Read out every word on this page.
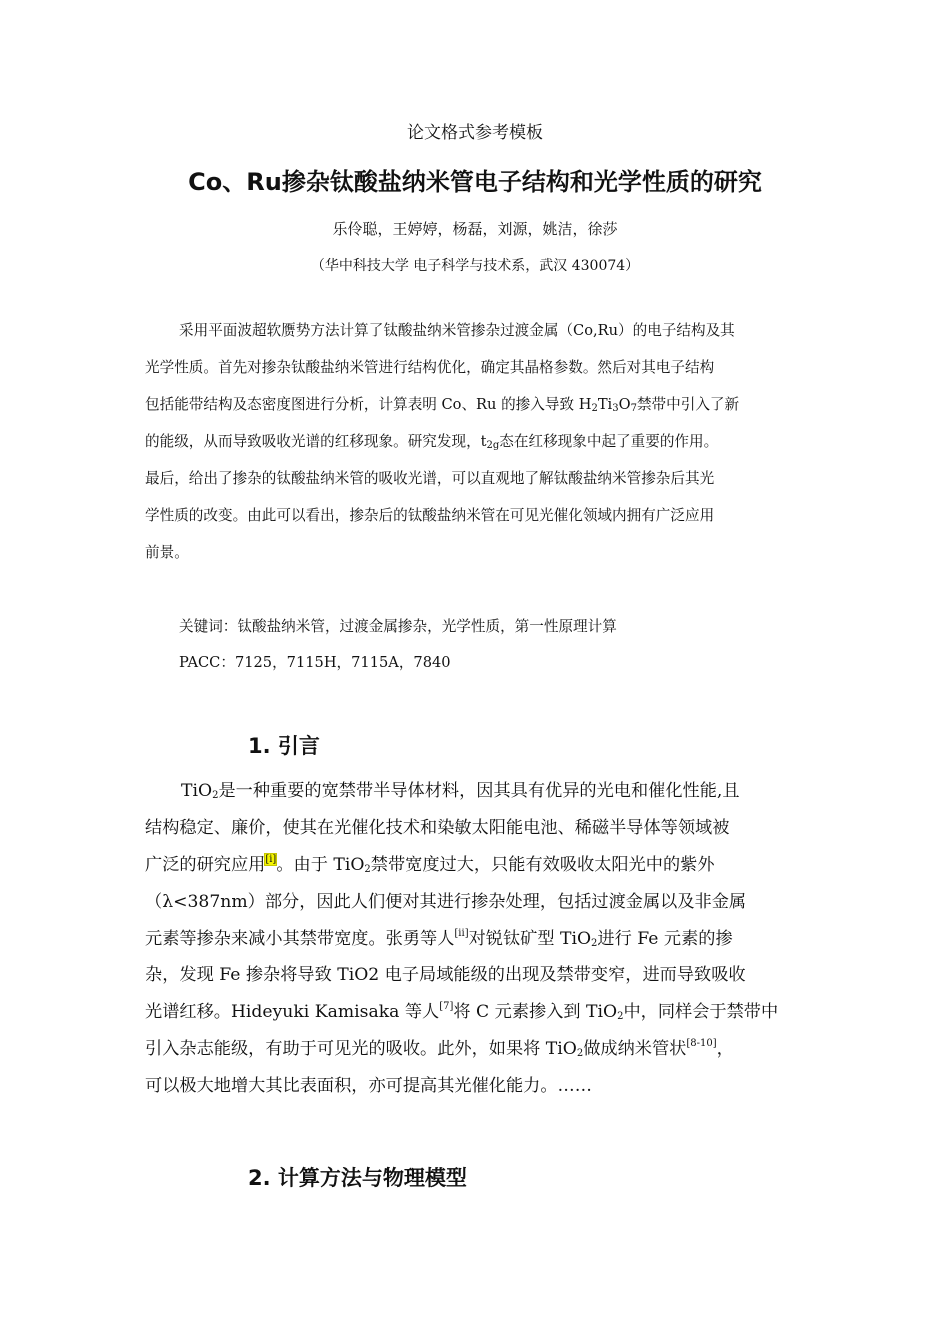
论文格式参考模板
Co、Ru掺杂钛酸盐纳米管电子结构和光学性质的研究
乐伶聪，王婷婷，杨磊，刘源，姚洁，徐莎
（华中科技大学 电子科学与技术系，武汉 430074）
采用平面波超软赝势方法计算了钛酸盐纳米管掺杂过渡金属（Co,Ru）的电子结构及其
光学性质。首先对掺杂钛酸盐纳米管进行结构优化，确定其晶格参数。然后对其电子结构
包括能带结构及态密度图进行分析，计算表明 Co、Ru 的掺入导致 $H_2Ti_3O_7$禁带中引入了新
的能级，从而导致吸收光谱的红移现象。研究发现，$t_{2g}$态在红移现象中起了重要的作用。
最后，给出了掺杂的钛酸盐纳米管的吸收光谱，可以直观地了解钛酸盐纳米管掺杂后其光
学性质的改变。由此可以看出，掺杂后的钛酸盐纳米管在可见光催化领域内拥有广泛应用
前景。
关键词：钛酸盐纳米管，过渡金属掺杂，光学性质，第一性原理计算
PACC：7125，7115H，7115A，7840
1. 引言
TiO$_2$是一种重要的宽禁带半导体材料，因其具有优异的光电和催化性能,且
结构稳定、廉价，使其在光催化技术和染敏太阳能电池、稀磁半导体等领域被
广泛的研究应用[i]。由于 TiO$_2$禁带宽度过大，只能有效吸收太阳光中的紫外
（λ<387nm）部分，因此人们便对其进行掺杂处理，包括过渡金属以及非金属
元素等掺杂来减小其禁带宽度。张勇等人[ii]对锐钛矿型 TiO$_2$进行 Fe 元素的掺
杂，发现 Fe 掺杂将导致 TiO2 电子局域能级的出现及禁带变窄，进而导致吸收
光谱红移。Hideyuki Kamisaka 等人[7]将 C 元素掺入到 TiO$_2$中，同样会于禁带中
引入杂志能级，有助于可见光的吸收。此外，如果将 TiO$_2$做成纳米管状[8-10]，
可以极大地增大其比表面积，亦可提高其光催化能力。……
2. 计算方法与物理模型
